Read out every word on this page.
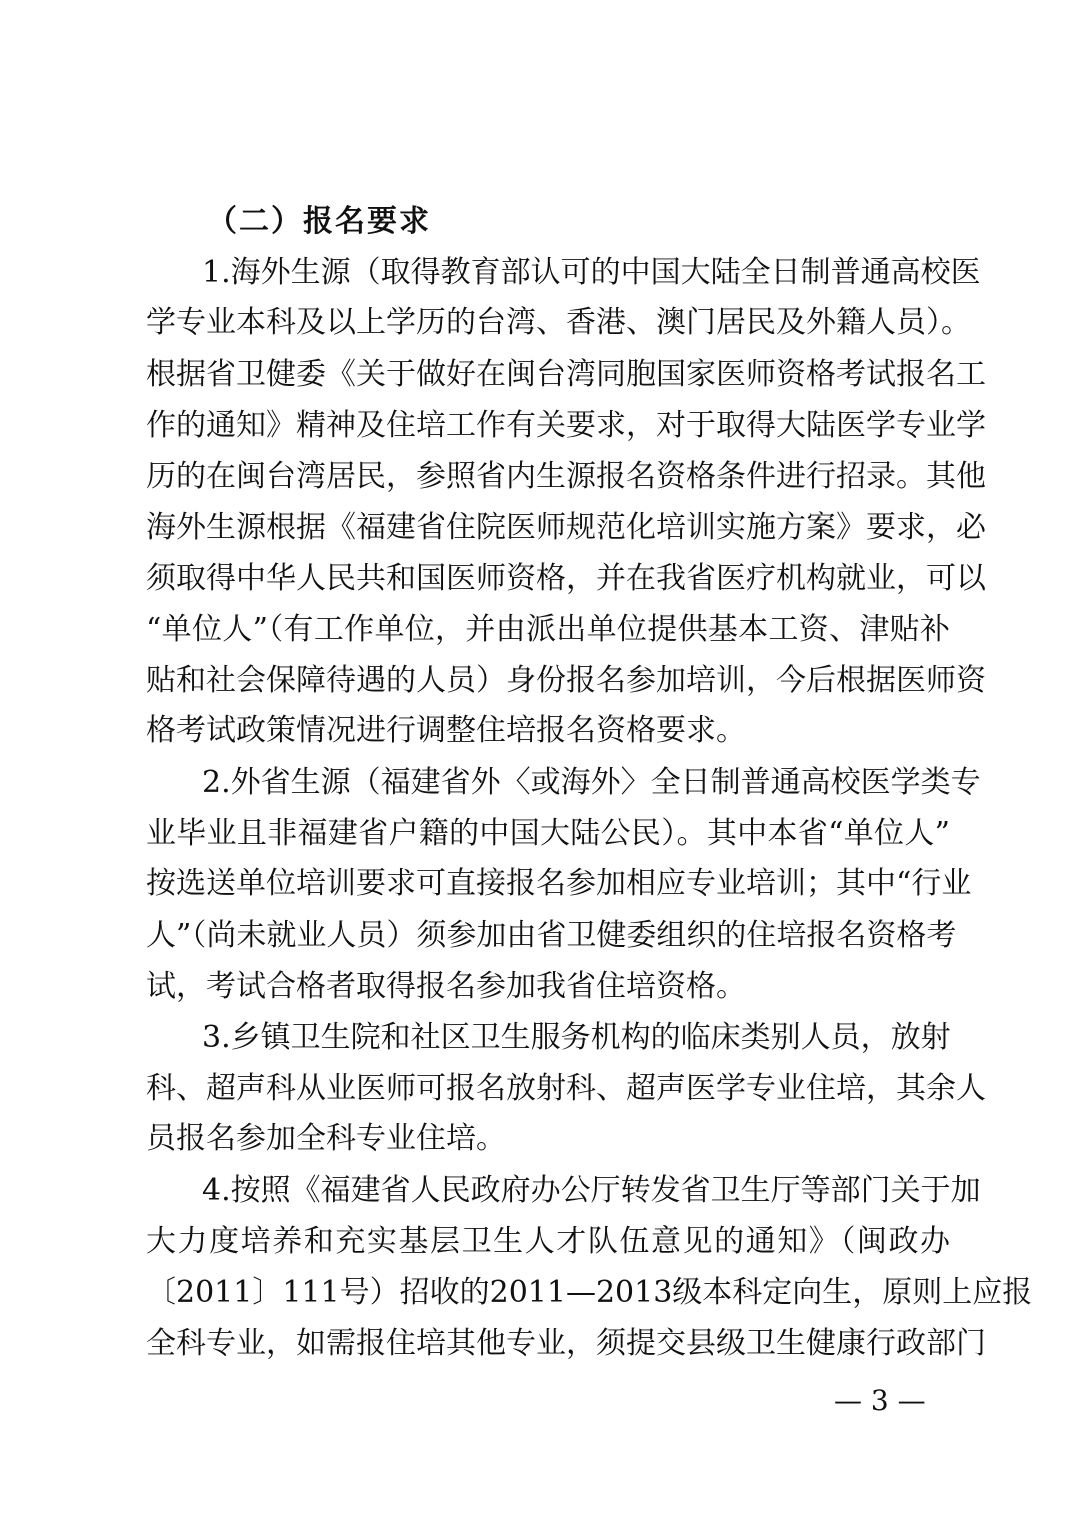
（二）报名要求
1.海外生源（取得教育部认可的中国大陆全日制普通高校医
学专业本科及以上学历的台湾、香港、澳门居民及外籍人员）。
根据省卫健委《关于做好在闽台湾同胞国家医师资格考试报名工
作的通知》精神及住培工作有关要求，对于取得大陆医学专业学
历的在闽台湾居民，参照省内生源报名资格条件进行招录。其他
海外生源根据《福建省住院医师规范化培训实施方案》要求，必
须取得中华人民共和国医师资格，并在我省医疗机构就业，可以
“单位人”（有工作单位，并由派出单位提供基本工资、津贴补
贴和社会保障待遇的人员）身份报名参加培训，今后根据医师资
格考试政策情况进行调整住培报名资格要求。
2.外省生源（福建省外〈或海外〉全日制普通高校医学类专
业毕业且非福建省户籍的中国大陆公民）。其中本省“单位人”
按选送单位培训要求可直接报名参加相应专业培训；其中“行业
人”（尚未就业人员）须参加由省卫健委组织的住培报名资格考
试，考试合格者取得报名参加我省住培资格。
3.乡镇卫生院和社区卫生服务机构的临床类别人员，放射
科、超声科从业医师可报名放射科、超声医学专业住培，其余人
员报名参加全科专业住培。
4.按照《福建省人民政府办公厅转发省卫生厅等部门关于加
大力度培养和充实基层卫生人才队伍意见的通知》（闽政办
〔2011〕111号）招收的2011—2013级本科定向生，原则上应报
全科专业，如需报住培其他专业，须提交县级卫生健康行政部门
— 3 —
